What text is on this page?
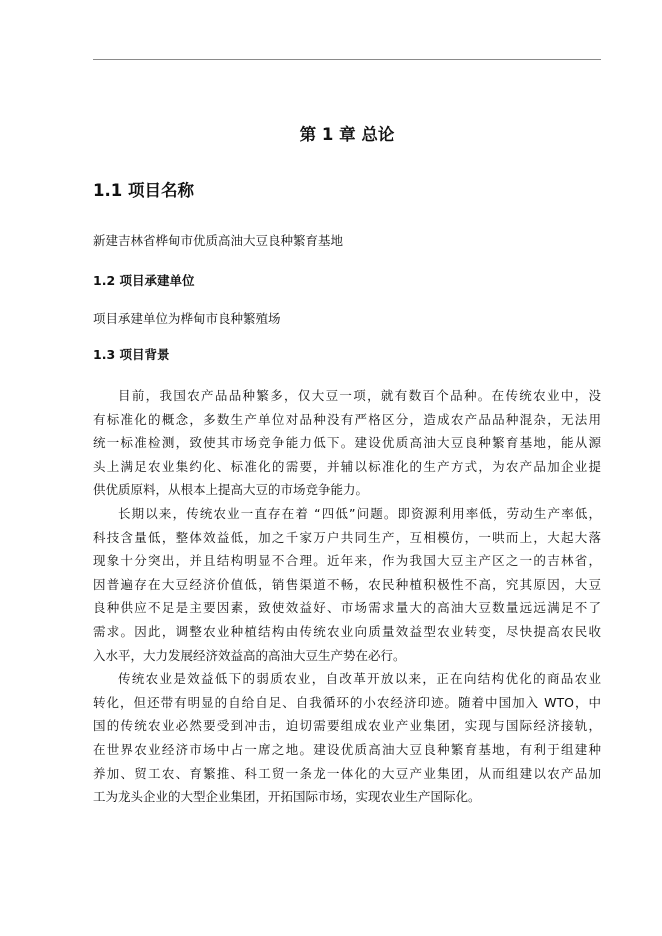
第 1 章 总论
1.1 项目名称
新建吉林省桦甸市优质高油大豆良种繁育基地
1.2 项目承建单位
项目承建单位为桦甸市良种繁殖场
1.3 项目背景
目前，我国农产品品种繁多，仅大豆一项，就有数百个品种。在传统农业中，没
有标准化的概念，多数生产单位对品种没有严格区分，造成农产品品种混杂，无法用
统一标准检测，致使其市场竞争能力低下。建设优质高油大豆良种繁育基地，能从源
头上满足农业集约化、标准化的需要，并辅以标准化的生产方式，为农产品加企业提
供优质原料，从根本上提高大豆的市场竞争能力。
长期以来，传统农业一直存在着 “四低”问题。即资源利用率低，劳动生产率低，
科技含量低，整体效益低，加之千家万户共同生产，互相模仿，一哄而上，大起大落
现象十分突出，并且结构明显不合理。近年来，作为我国大豆主产区之一的吉林省，
因普遍存在大豆经济价值低，销售渠道不畅，农民种植积极性不高，究其原因，大豆
良种供应不足是主要因素，致使效益好、市场需求量大的高油大豆数量远远满足不了
需求。因此，调整农业种植结构由传统农业向质量效益型农业转变，尽快提高农民收
入水平，大力发展经济效益高的高油大豆生产势在必行。
传统农业是效益低下的弱质农业，自改革开放以来，正在向结构优化的商品农业
转化，但还带有明显的自给自足、自我循环的小农经济印迹。随着中国加入 WTO，中
国的传统农业必然要受到冲击，迫切需要组成农业产业集团，实现与国际经济接轨，
在世界农业经济市场中占一席之地。建设优质高油大豆良种繁育基地，有利于组建种
养加、贸工农、育繁推、科工贸一条龙一体化的大豆产业集团，从而组建以农产品加
工为龙头企业的大型企业集团，开拓国际市场，实现农业生产国际化。
